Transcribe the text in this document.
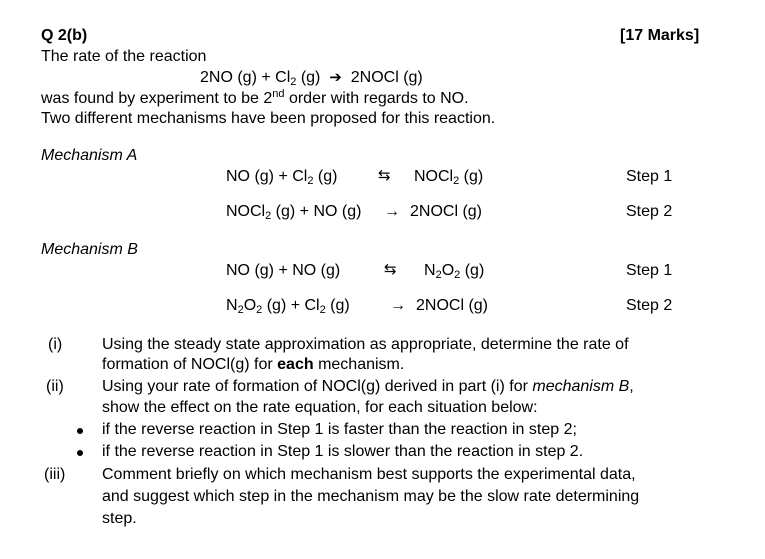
Q 2(b)	[17 Marks]
The rate of the reaction
2NO $(g) + Cl_2$ (g) ➔ 2NOCl (g)
was found by experiment to be 2nd order with regards to NO.
Two different mechanisms have been proposed for this reaction.
Mechanism A
NO $(g) + Cl_2$ (g)	⇆ NOCl$_2$ (g)	Step 1
NOCl$_2$ (g) + NO (g) → 2NOCl (g)	Step 2
Mechanism B
NO (g) + NO (g)	⇆ $N_2O_2$ (g)	Step 1
$N_2O_2$ $(g) + Cl_2$ (g)	→ 2NOCl (g)	Step 2
(i) Using the steady state approximation as appropriate, determine the rate of
formation of NOCl(g) for each mechanism.
(ii) Using your rate of formation of NOCl(g) derived in part (i) for mechanism B,
show the effect on the rate equation, for each situation below:
if the reverse reaction in Step 1 is faster than the reaction in step 2;
if the reverse reaction in Step 1 is slower than the reaction in step 2.
(iii) Comment briefly on which mechanism best supports the experimental data,
and suggest which step in the mechanism may be the slow rate determining
step.
